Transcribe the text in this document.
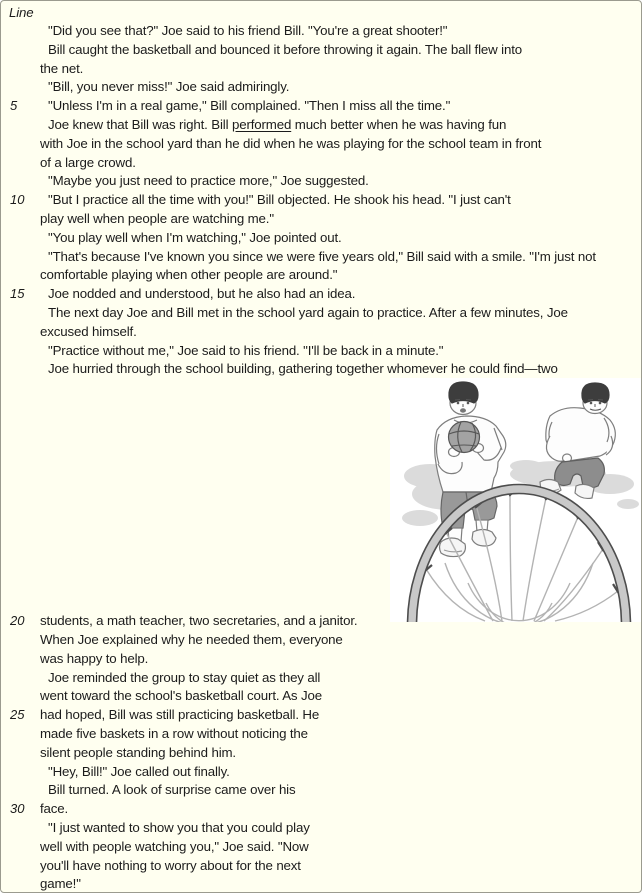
Line
"Did you see that?" Joe said to his friend Bill. "You're a great shooter!"
Bill caught the basketball and bounced it before throwing it again. The ball flew into
the net.
"Bill, you never miss!" Joe said admiringly.
5 "Unless I'm in a real game," Bill complained. "Then I miss all the time."
Joe knew that Bill was right. Bill performed much better when he was having fun
with Joe in the school yard than he did when he was playing for the school team in front
of a large crowd.
"Maybe you just need to practice more," Joe suggested.
10 "But I practice all the time with you!" Bill objected. He shook his head. "I just can't
play well when people are watching me."
"You play well when I'm watching," Joe pointed out.
"That's because I've known you since we were five years old," Bill said with a smile. "I'm just not
comfortable playing when other people are around."
15 Joe nodded and understood, but he also had an idea.
The next day Joe and Bill met in the school yard again to practice. After a few minutes, Joe
excused himself.
"Practice without me," Joe said to his friend. "I'll be back in a minute."
Joe hurried through the school building, gathering together whomever he could find—two
20 students, a math teacher, two secretaries, and a janitor.
When Joe explained why he needed them, everyone
was happy to help.
Joe reminded the group to stay quiet as they all
went toward the school's basketball court. As Joe
25 had hoped, Bill was still practicing basketball. He
made five baskets in a row without noticing the
silent people standing behind him.
"Hey, Bill!" Joe called out finally.
Bill turned. A look of surprise came over his
30 face.
"I just wanted to show you that you could play
well with people watching you," Joe said. "Now
you'll have nothing to worry about for the next
game!"
